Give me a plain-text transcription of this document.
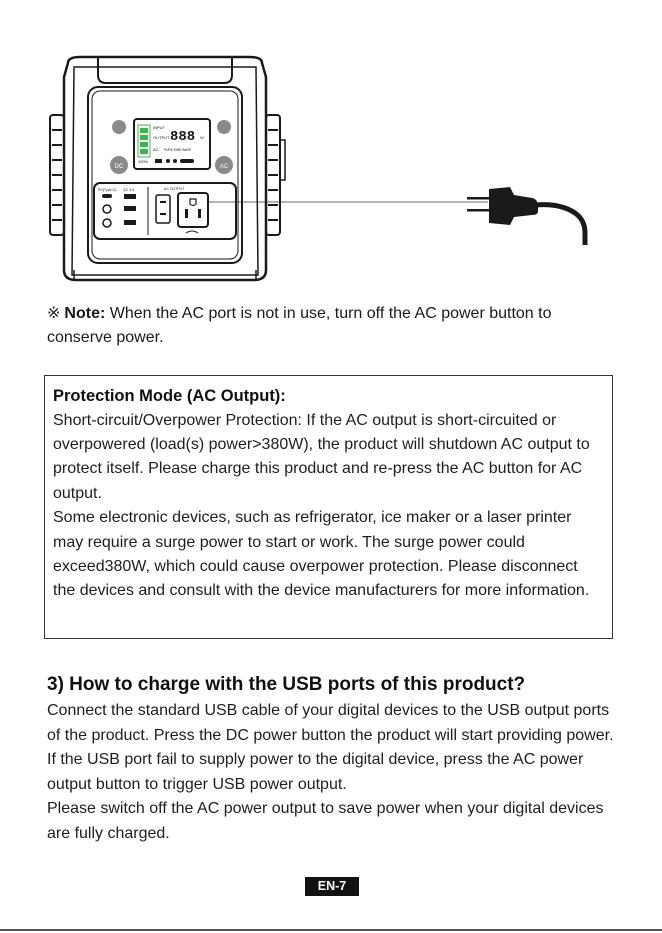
DC	AC
INPUT
OUTPUT 888 W
AC PURE SINE WAVE
100%
PD(Type-C) QC 3.0	AC OUTPUT
※ Note: When the AC port is not in use, turn off the AC power button to conserve power.
Protection Mode (AC Output):

Short-circuit/Overpower Protection: If the AC output is short-circuited or overpowered (load(s) power>380W), the product will shutdown AC output to protect itself. Please charge this product and re-press the AC button for AC output.

Some electronic devices, such as refrigerator, ice maker or a laser printer may require a surge power to start or work. The surge power could exceed380W, which could cause overpower protection. Please disconnect the devices and consult with the device manufacturers for more information.

3) How to charge with the USB ports of this product?

Connect the standard USB cable of your digital devices to the USB output ports of the product. Press the DC power button the product will start providing power. If the USB port fail to supply power to the digital device, press the AC power output button to trigger USB power output.

Please switch off the AC power output to save power when your digital devices are fully charged.

EN-7
